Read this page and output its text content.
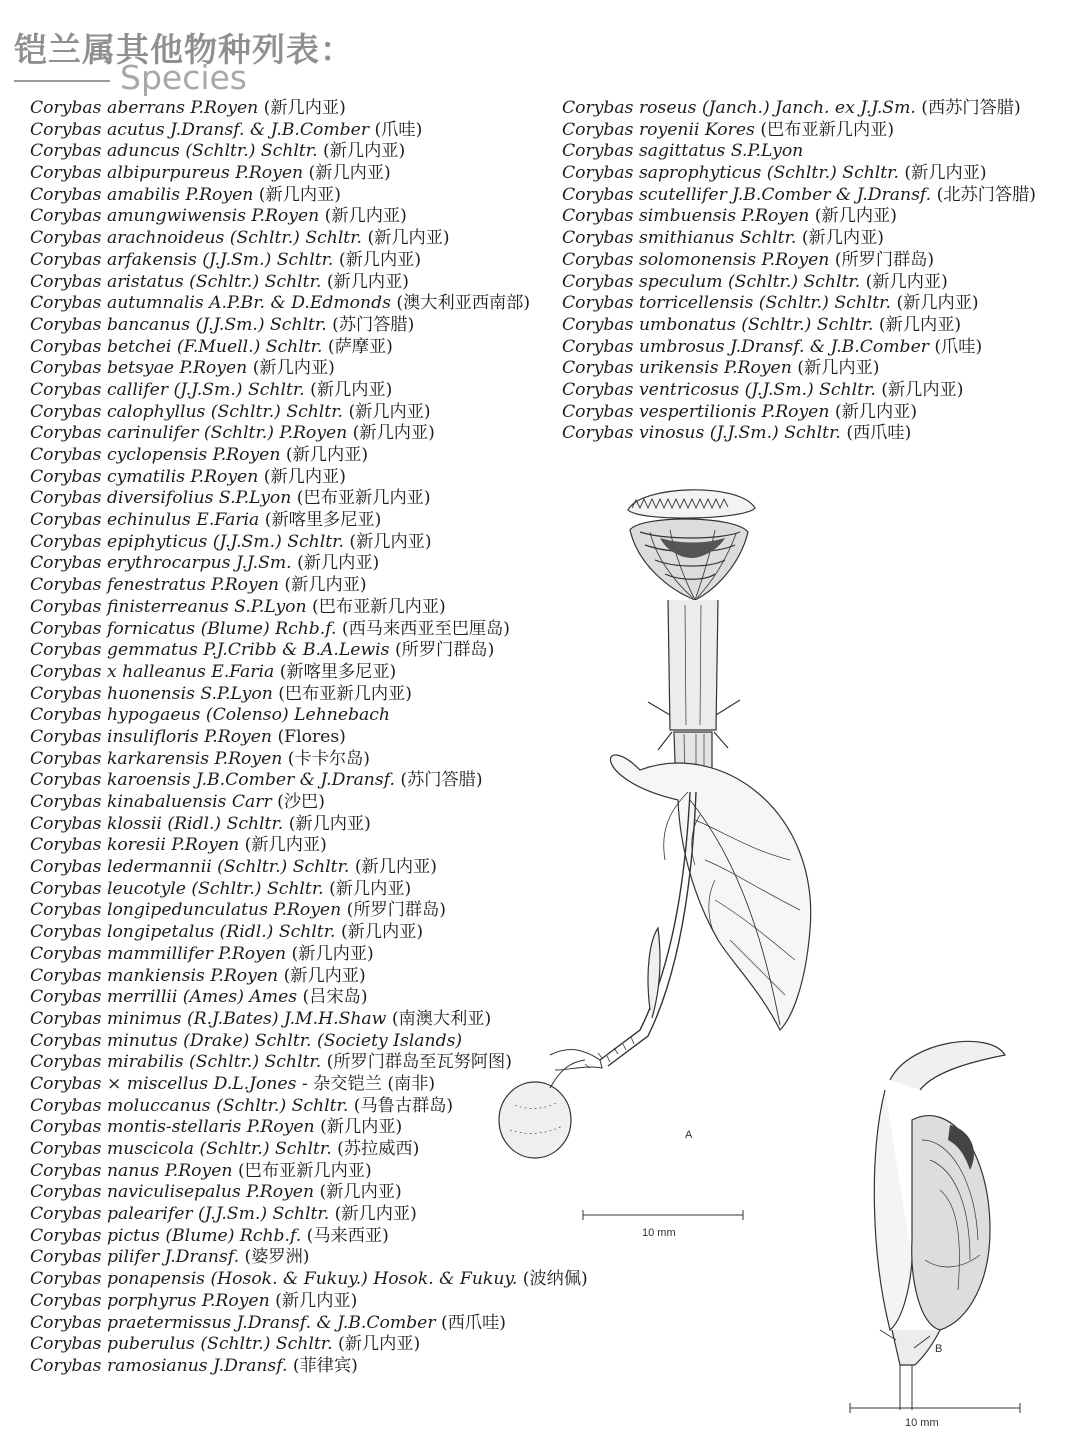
铠兰属其他物种列表：
Species
Corybas aberrans P.Royen (新几内亚)
Corybas acutus J.Dransf. & J.B.Comber (爪哇)
Corybas aduncus (Schltr.) Schltr. (新几内亚)
Corybas albipurpureus P.Royen (新几内亚)
Corybas amabilis P.Royen (新几内亚)
Corybas amungwiwensis P.Royen (新几内亚)
Corybas arachnoideus (Schltr.) Schltr. (新几内亚)
Corybas arfakensis (J.J.Sm.) Schltr. (新几内亚)
Corybas aristatus (Schltr.) Schltr. (新几内亚)
Corybas autumnalis A.P.Br. & D.Edmonds (澳大利亚西南部)
Corybas bancanus (J.J.Sm.) Schltr. (苏门答腊)
Corybas betchei (F.Muell.) Schltr. (萨摩亚)
Corybas betsyae P.Royen (新几内亚)
Corybas callifer (J.J.Sm.) Schltr. (新几内亚)
Corybas calophyllus (Schltr.) Schltr. (新几内亚)
Corybas carinulifer (Schltr.) P.Royen (新几内亚)
Corybas cyclopensis P.Royen (新几内亚)
Corybas cymatilis P.Royen (新几内亚)
Corybas diversifolius S.P.Lyon (巴布亚新几内亚)
Corybas echinulus E.Faria (新喀里多尼亚)
Corybas epiphyticus (J.J.Sm.) Schltr. (新几内亚)
Corybas erythrocarpus J.J.Sm. (新几内亚)
Corybas fenestratus P.Royen (新几内亚)
Corybas finisterreanus S.P.Lyon (巴布亚新几内亚)
Corybas fornicatus (Blume) Rchb.f. (西马来西亚至巴厘岛)
Corybas gemmatus P.J.Cribb & B.A.Lewis (所罗门群岛)
Corybas x halleanus E.Faria (新喀里多尼亚)
Corybas huonensis S.P.Lyon (巴布亚新几内亚)
Corybas hypogaeus (Colenso) Lehnebach
Corybas insulifloris P.Royen (Flores)
Corybas karkarensis P.Royen (卡卡尔岛)
Corybas karoensis J.B.Comber & J.Dransf. (苏门答腊)
Corybas kinabaluensis Carr (沙巴)
Corybas klossii (Ridl.) Schltr. (新几内亚)
Corybas koresii P.Royen (新几内亚)
Corybas ledermannii (Schltr.) Schltr. (新几内亚)
Corybas leucotyle (Schltr.) Schltr. (新几内亚)
Corybas longipedunculatus P.Royen (所罗门群岛)
Corybas longipetalus (Ridl.) Schltr. (新几内亚)
Corybas mammillifer P.Royen (新几内亚)
Corybas mankiensis P.Royen (新几内亚)
Corybas merrillii (Ames) Ames (吕宋岛)
Corybas minimus (R.J.Bates) J.M.H.Shaw (南澳大利亚)
Corybas minutus (Drake) Schltr. (Society Islands)
Corybas mirabilis (Schltr.) Schltr. (所罗门群岛至瓦努阿图)
Corybas × miscellus D.L.Jones - 杂交铠兰 (南非)
Corybas moluccanus (Schltr.) Schltr. (马鲁古群岛)
Corybas montis-stellaris P.Royen (新几内亚)
Corybas muscicola (Schltr.) Schltr. (苏拉威西)
Corybas nanus P.Royen (巴布亚新几内亚)
Corybas naviculisepalus P.Royen (新几内亚)
Corybas palearifer (J.J.Sm.) Schltr. (新几内亚)
Corybas pictus (Blume) Rchb.f. (马来西亚)
Corybas pilifer J.Dransf. (婆罗洲)
Corybas ponapensis (Hosok. & Fukuy.) Hosok. & Fukuy. (波纳佩)
Corybas porphyrus P.Royen (新几内亚)
Corybas praetermissus J.Dransf. & J.B.Comber (西爪哇)
Corybas puberulus (Schltr.) Schltr. (新几内亚)
Corybas ramosianus J.Dransf. (菲律宾)
Corybas roseus (Janch.) Janch. ex J.J.Sm. (西苏门答腊)
Corybas royenii Kores (巴布亚新几内亚)
Corybas sagittatus S.P.Lyon
Corybas saprophyticus (Schltr.) Schltr. (新几内亚)
Corybas scutellifer J.B.Comber & J.Dransf. (北苏门答腊)
Corybas simbuensis P.Royen (新几内亚)
Corybas smithianus Schltr. (新几内亚)
Corybas solomonensis P.Royen (所罗门群岛)
Corybas speculum (Schltr.) Schltr. (新几内亚)
Corybas torricellensis (Schltr.) Schltr. (新几内亚)
Corybas umbonatus (Schltr.) Schltr. (新几内亚)
Corybas umbrosus J.Dransf. & J.B.Comber (爪哇)
Corybas urikensis P.Royen (新几内亚)
Corybas ventricosus (J.J.Sm.) Schltr. (新几内亚)
Corybas vespertilionis P.Royen (新几内亚)
Corybas vinosus (J.J.Sm.) Schltr. (西爪哇)
A
10 mm
B
10 mm
